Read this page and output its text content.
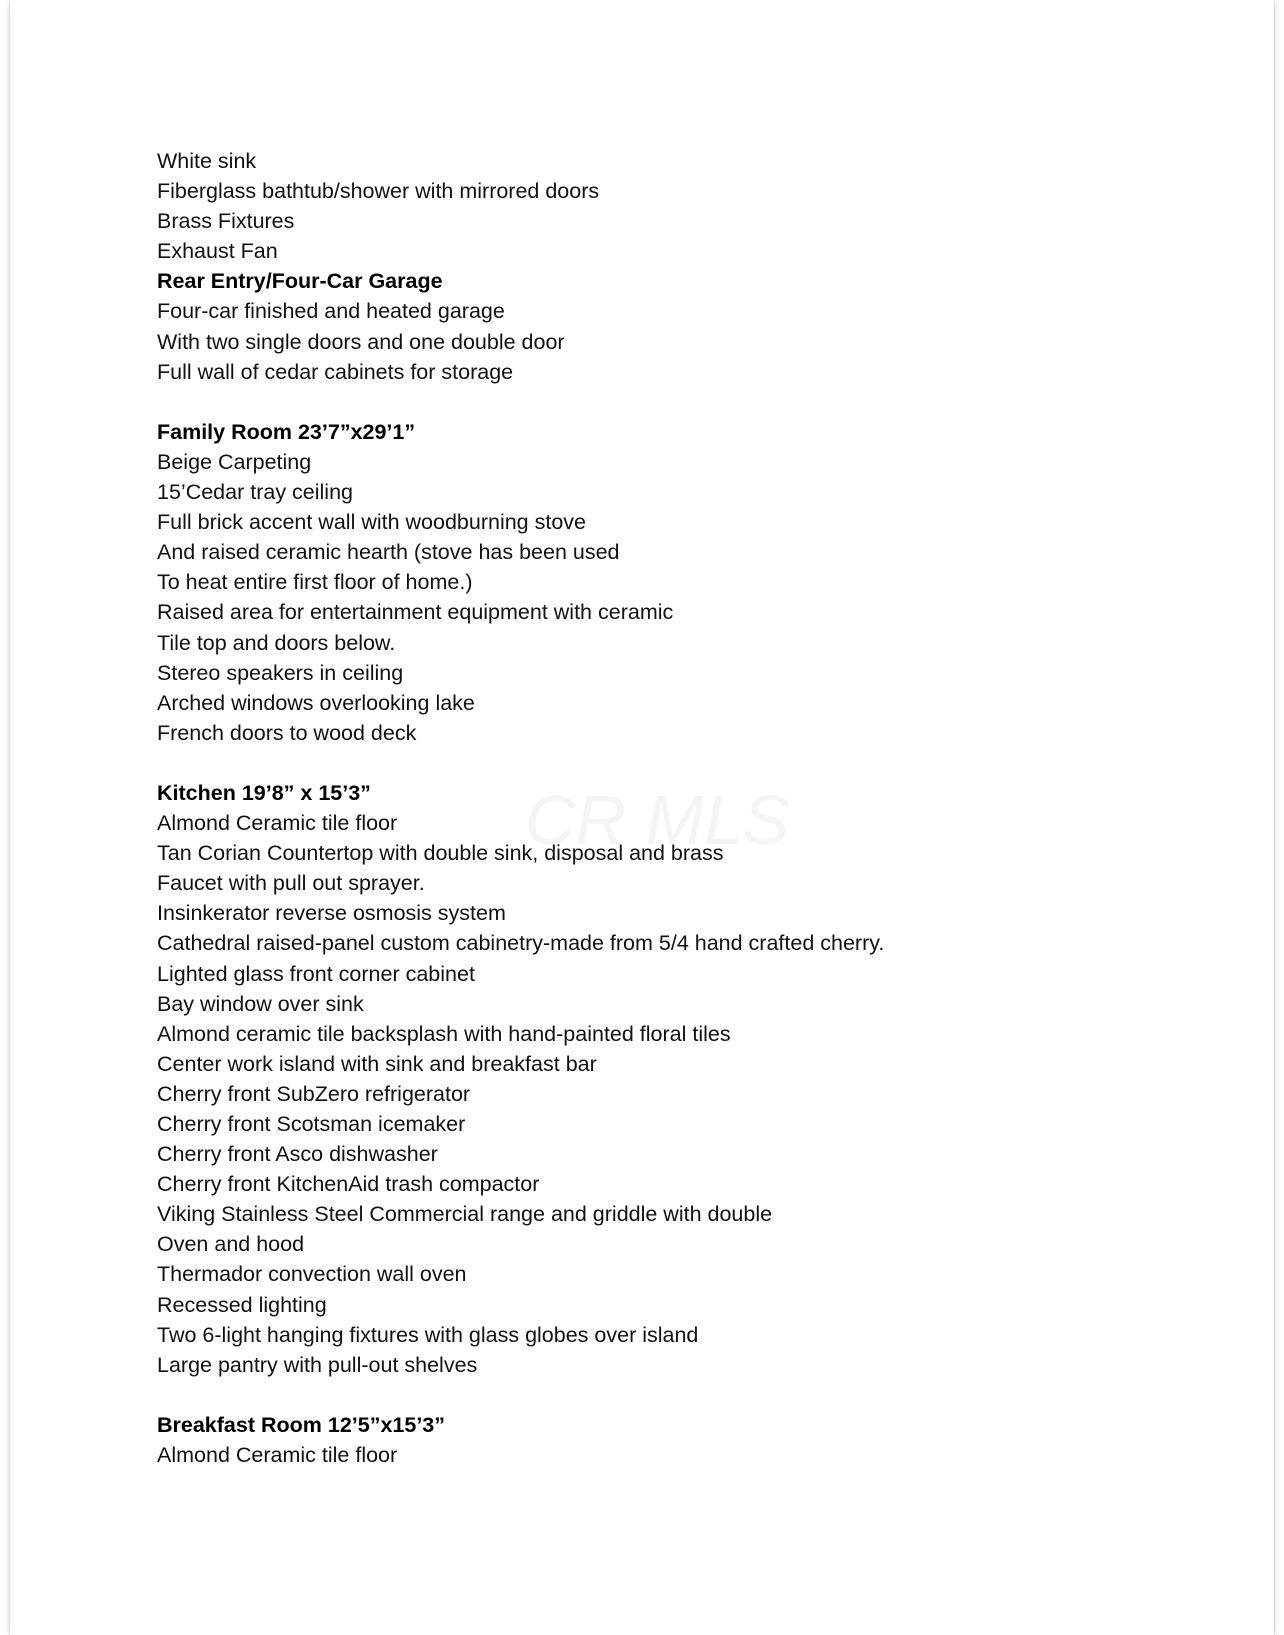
White sink
Fiberglass bathtub/shower with mirrored doors
Brass Fixtures
Exhaust Fan
Rear Entry/Four-Car Garage
Four-car finished and heated garage
With two single doors and one double door
Full wall of cedar cabinets for storage
Family Room 23’7”x29’1”
Beige Carpeting
15’Cedar tray ceiling
Full brick accent wall with woodburning stove
And raised ceramic hearth (stove has been used
To heat entire first floor of home.)
Raised area for entertainment equipment with ceramic
Tile top and doors below.
Stereo speakers in ceiling
Arched windows overlooking lake
French doors to wood deck
Kitchen 19’8” x 15’3”
Almond Ceramic tile floor
Tan Corian Countertop with double sink, disposal and brass
Faucet with pull out sprayer.
Insinkerator reverse osmosis system
Cathedral raised-panel custom cabinetry-made from 5/4 hand crafted cherry.
Lighted glass front corner cabinet
Bay window over sink
Almond ceramic tile backsplash with hand-painted floral tiles
Center work island with sink and breakfast bar
Cherry front SubZero refrigerator
Cherry front Scotsman icemaker
Cherry front Asco dishwasher
Cherry front KitchenAid trash compactor
Viking Stainless Steel Commercial range and griddle with double
Oven and hood
Thermador convection wall oven
Recessed lighting
Two 6-light hanging fixtures with glass globes over island
Large pantry with pull-out shelves
Breakfast Room 12’5”x15’3”
Almond Ceramic tile floor
